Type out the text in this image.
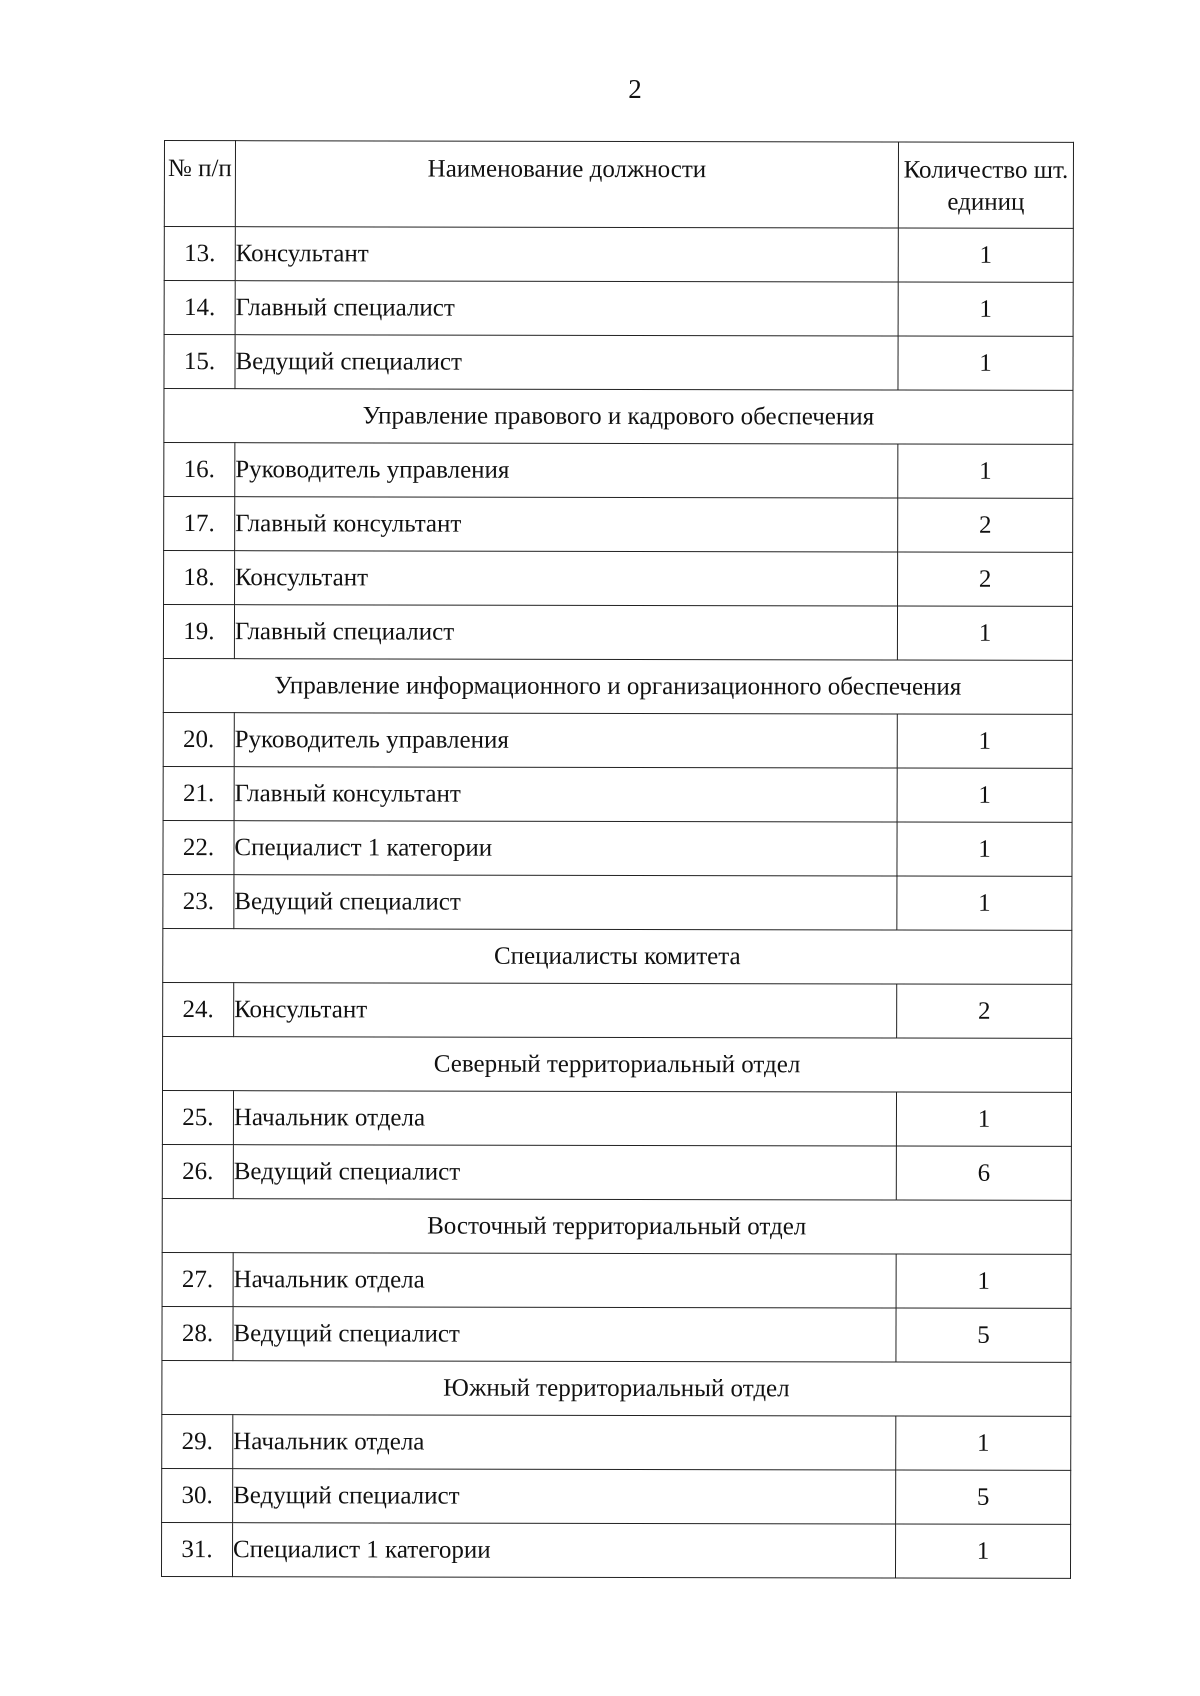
2
№ п/п	Наименование должности	Количество шт. единиц
13.	Консультант	1
14.	Главный специалист	1
15.	Ведущий специалист	1
Управление правового и кадрового обеспечения		
16.	Руководитель управления	1
17.	Главный консультант	2
18.	Консультант	2
19.	Главный специалист	1
Управление информационного и организационного обеспечения		
20.	Руководитель управления	1
21.	Главный консультант	1
22.	Специалист 1 категории	1
23.	Ведущий специалист	1
Специалисты комитета		
24.	Консультант	2
Северный территориальный отдел		
25.	Начальник отдела	1
26.	Ведущий специалист	6
Восточный территориальный отдел		
27.	Начальник отдела	1
28.	Ведущий специалист	5
Южный территориальный отдел		
29.	Начальник отдела	1
30.	Ведущий специалист	5
31.	Специалист 1 категории	1
